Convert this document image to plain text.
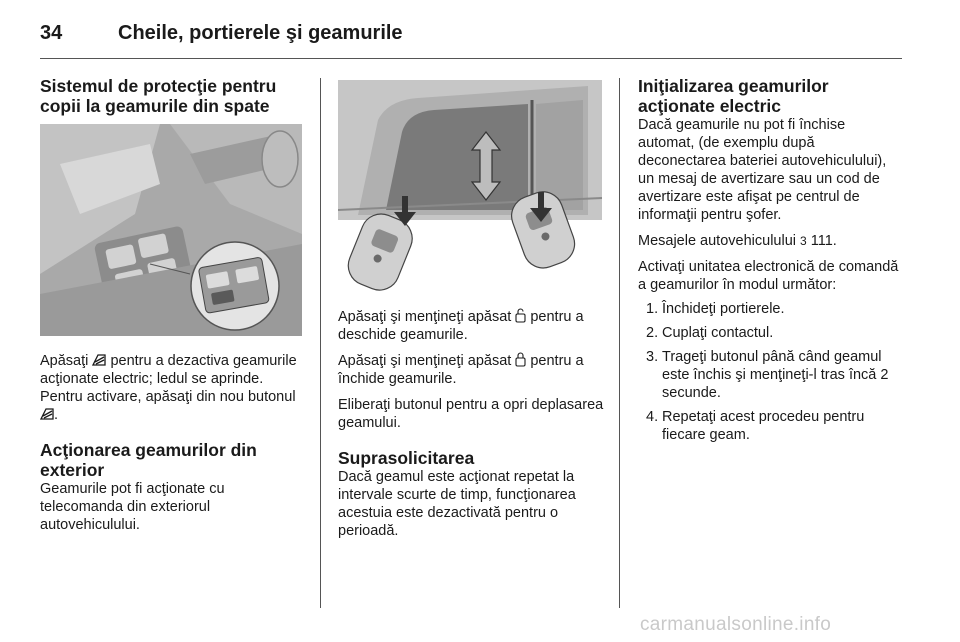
34	Cheile, portierele şi geamurile
Sistemul de protecţie pentru copii la geamurile din spate

Apăsaţi pentru a dezactiva geamurile acţionate electric; ledul se aprinde. Pentru activare, apăsaţi din nou butonul .

Acţionarea geamurilor din exterior

Geamurile pot fi acţionate cu telecomanda din exteriorul autovehiculului.

Apăsaţi şi menţineţi apăsat pentru a deschide geamurile.

Apăsaţi şi menţineţi apăsat pentru a închide geamurile.

Eliberaţi butonul pentru a opri deplasarea geamului.

Suprasolicitarea

Dacă geamul este acţionat repetat la intervale scurte de timp, funcţionarea acestuia este dezactivată pentru o perioadă.

Iniţializarea geamurilor acţionate electric

Dacă geamurile nu pot fi închise automat, (de exemplu după deconectarea bateriei autovehiculului), un mesaj de avertizare sau un cod de avertizare este afişat pe centrul de informaţii pentru şofer.

Mesajele autovehiculului 3 111.

Activaţi unitatea electronică de comandă a geamurilor în modul următor:

1. Închideţi portierele.
2. Cuplaţi contactul.
3. Trageţi butonul până când geamul este închis şi menţineţi-l tras încă 2 secunde.
4. Repetaţi acest procedeu pentru fiecare geam.
carmanualsonline.info
